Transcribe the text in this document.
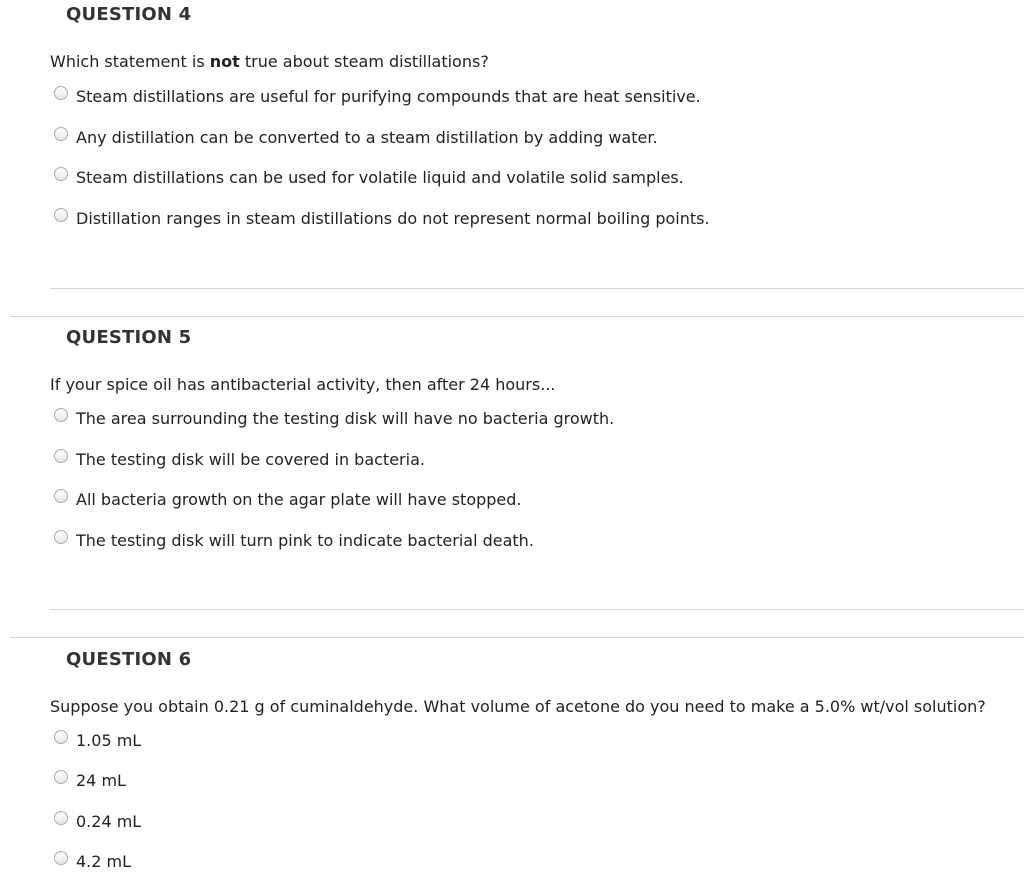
QUESTION 4

Which statement is not true about steam distillations?

Steam distillations are useful for purifying compounds that are heat sensitive.
Any distillation can be converted to a steam distillation by adding water.
Steam distillations can be used for volatile liquid and volatile solid samples.
Distillation ranges in steam distillations do not represent normal boiling points.
QUESTION 5

If your spice oil has antibacterial activity, then after 24 hours...

The area surrounding the testing disk will have no bacteria growth.
The testing disk will be covered in bacteria.
All bacteria growth on the agar plate will have stopped.
The testing disk will turn pink to indicate bacterial death.
QUESTION 6

Suppose you obtain 0.21 g of cuminaldehyde. What volume of acetone do you need to make a 5.0% wt/vol solution?

1.05 mL
24 mL
0.24 mL
4.2 mL
